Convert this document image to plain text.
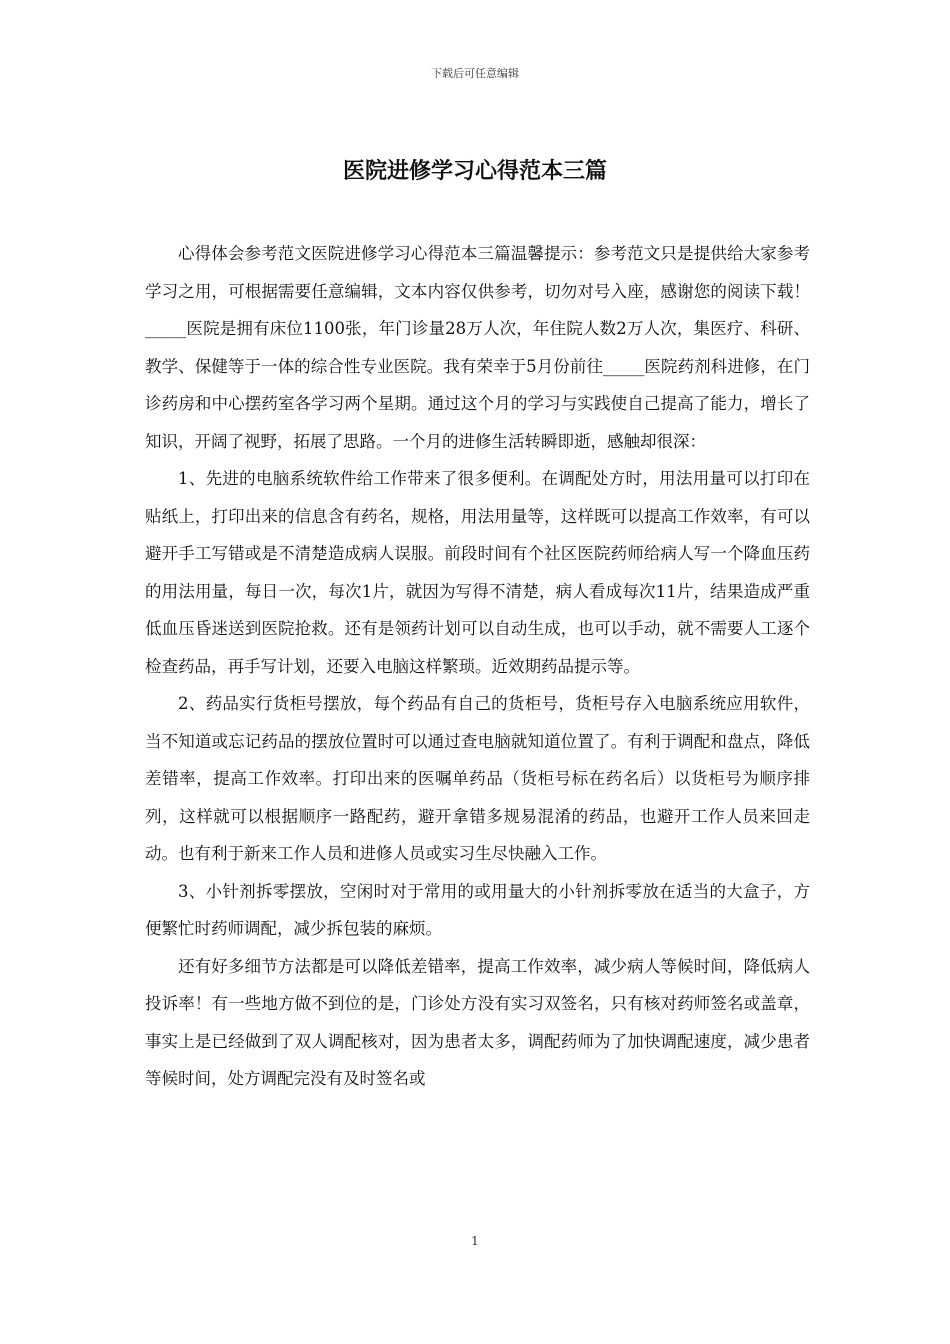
下载后可任意编辑
医院进修学习心得范本三篇

心得体会参考范文医院进修学习心得范本三篇温馨提示：参考范文只是提供给大家参考学习之用，可根据需要任意编辑，文本内容仅供参考，切勿对号入座，感谢您的阅读下载！_____医院是拥有床位1100张，年门诊量28万人次，年住院人数2万人次，集医疗、科研、教学、保健等于一体的综合性专业医院。我有荣幸于5月份前往_____医院药剂科进修，在门诊药房和中心摆药室各学习两个星期。通过这个月的学习与实践使自己提高了能力，增长了知识，开阔了视野，拓展了思路。一个月的进修生活转瞬即逝，感触却很深：

1、先进的电脑系统软件给工作带来了很多便利。在调配处方时，用法用量可以打印在贴纸上，打印出来的信息含有药名，规格，用法用量等，这样既可以提高工作效率，有可以避开手工写错或是不清楚造成病人误服。前段时间有个社区医院药师给病人写一个降血压药的用法用量，每日一次，每次1片，就因为写得不清楚，病人看成每次11片，结果造成严重低血压昏迷送到医院抢救。还有是领药计划可以自动生成，也可以手动，就不需要人工逐个检查药品，再手写计划，还要入电脑这样繁琐。近效期药品提示等。

2、药品实行货柜号摆放，每个药品有自己的货柜号，货柜号存入电脑系统应用软件，当不知道或忘记药品的摆放位置时可以通过查电脑就知道位置了。有利于调配和盘点，降低差错率，提高工作效率。打印出来的医嘱单药品（货柜号标在药名后）以货柜号为顺序排列，这样就可以根据顺序一路配药，避开拿错多规易混淆的药品，也避开工作人员来回走动。也有利于新来工作人员和进修人员或实习生尽快融入工作。

3、小针剂拆零摆放，空闲时对于常用的或用量大的小针剂拆零放在适当的大盒子，方便繁忙时药师调配，减少拆包装的麻烦。

还有好多细节方法都是可以降低差错率，提高工作效率，减少病人等候时间，降低病人投诉率！有一些地方做不到位的是，门诊处方没有实习双签名，只有核对药师签名或盖章，事实上是已经做到了双人调配核对，因为患者太多，调配药师为了加快调配速度，减少患者等候时间，处方调配完没有及时签名或

1
